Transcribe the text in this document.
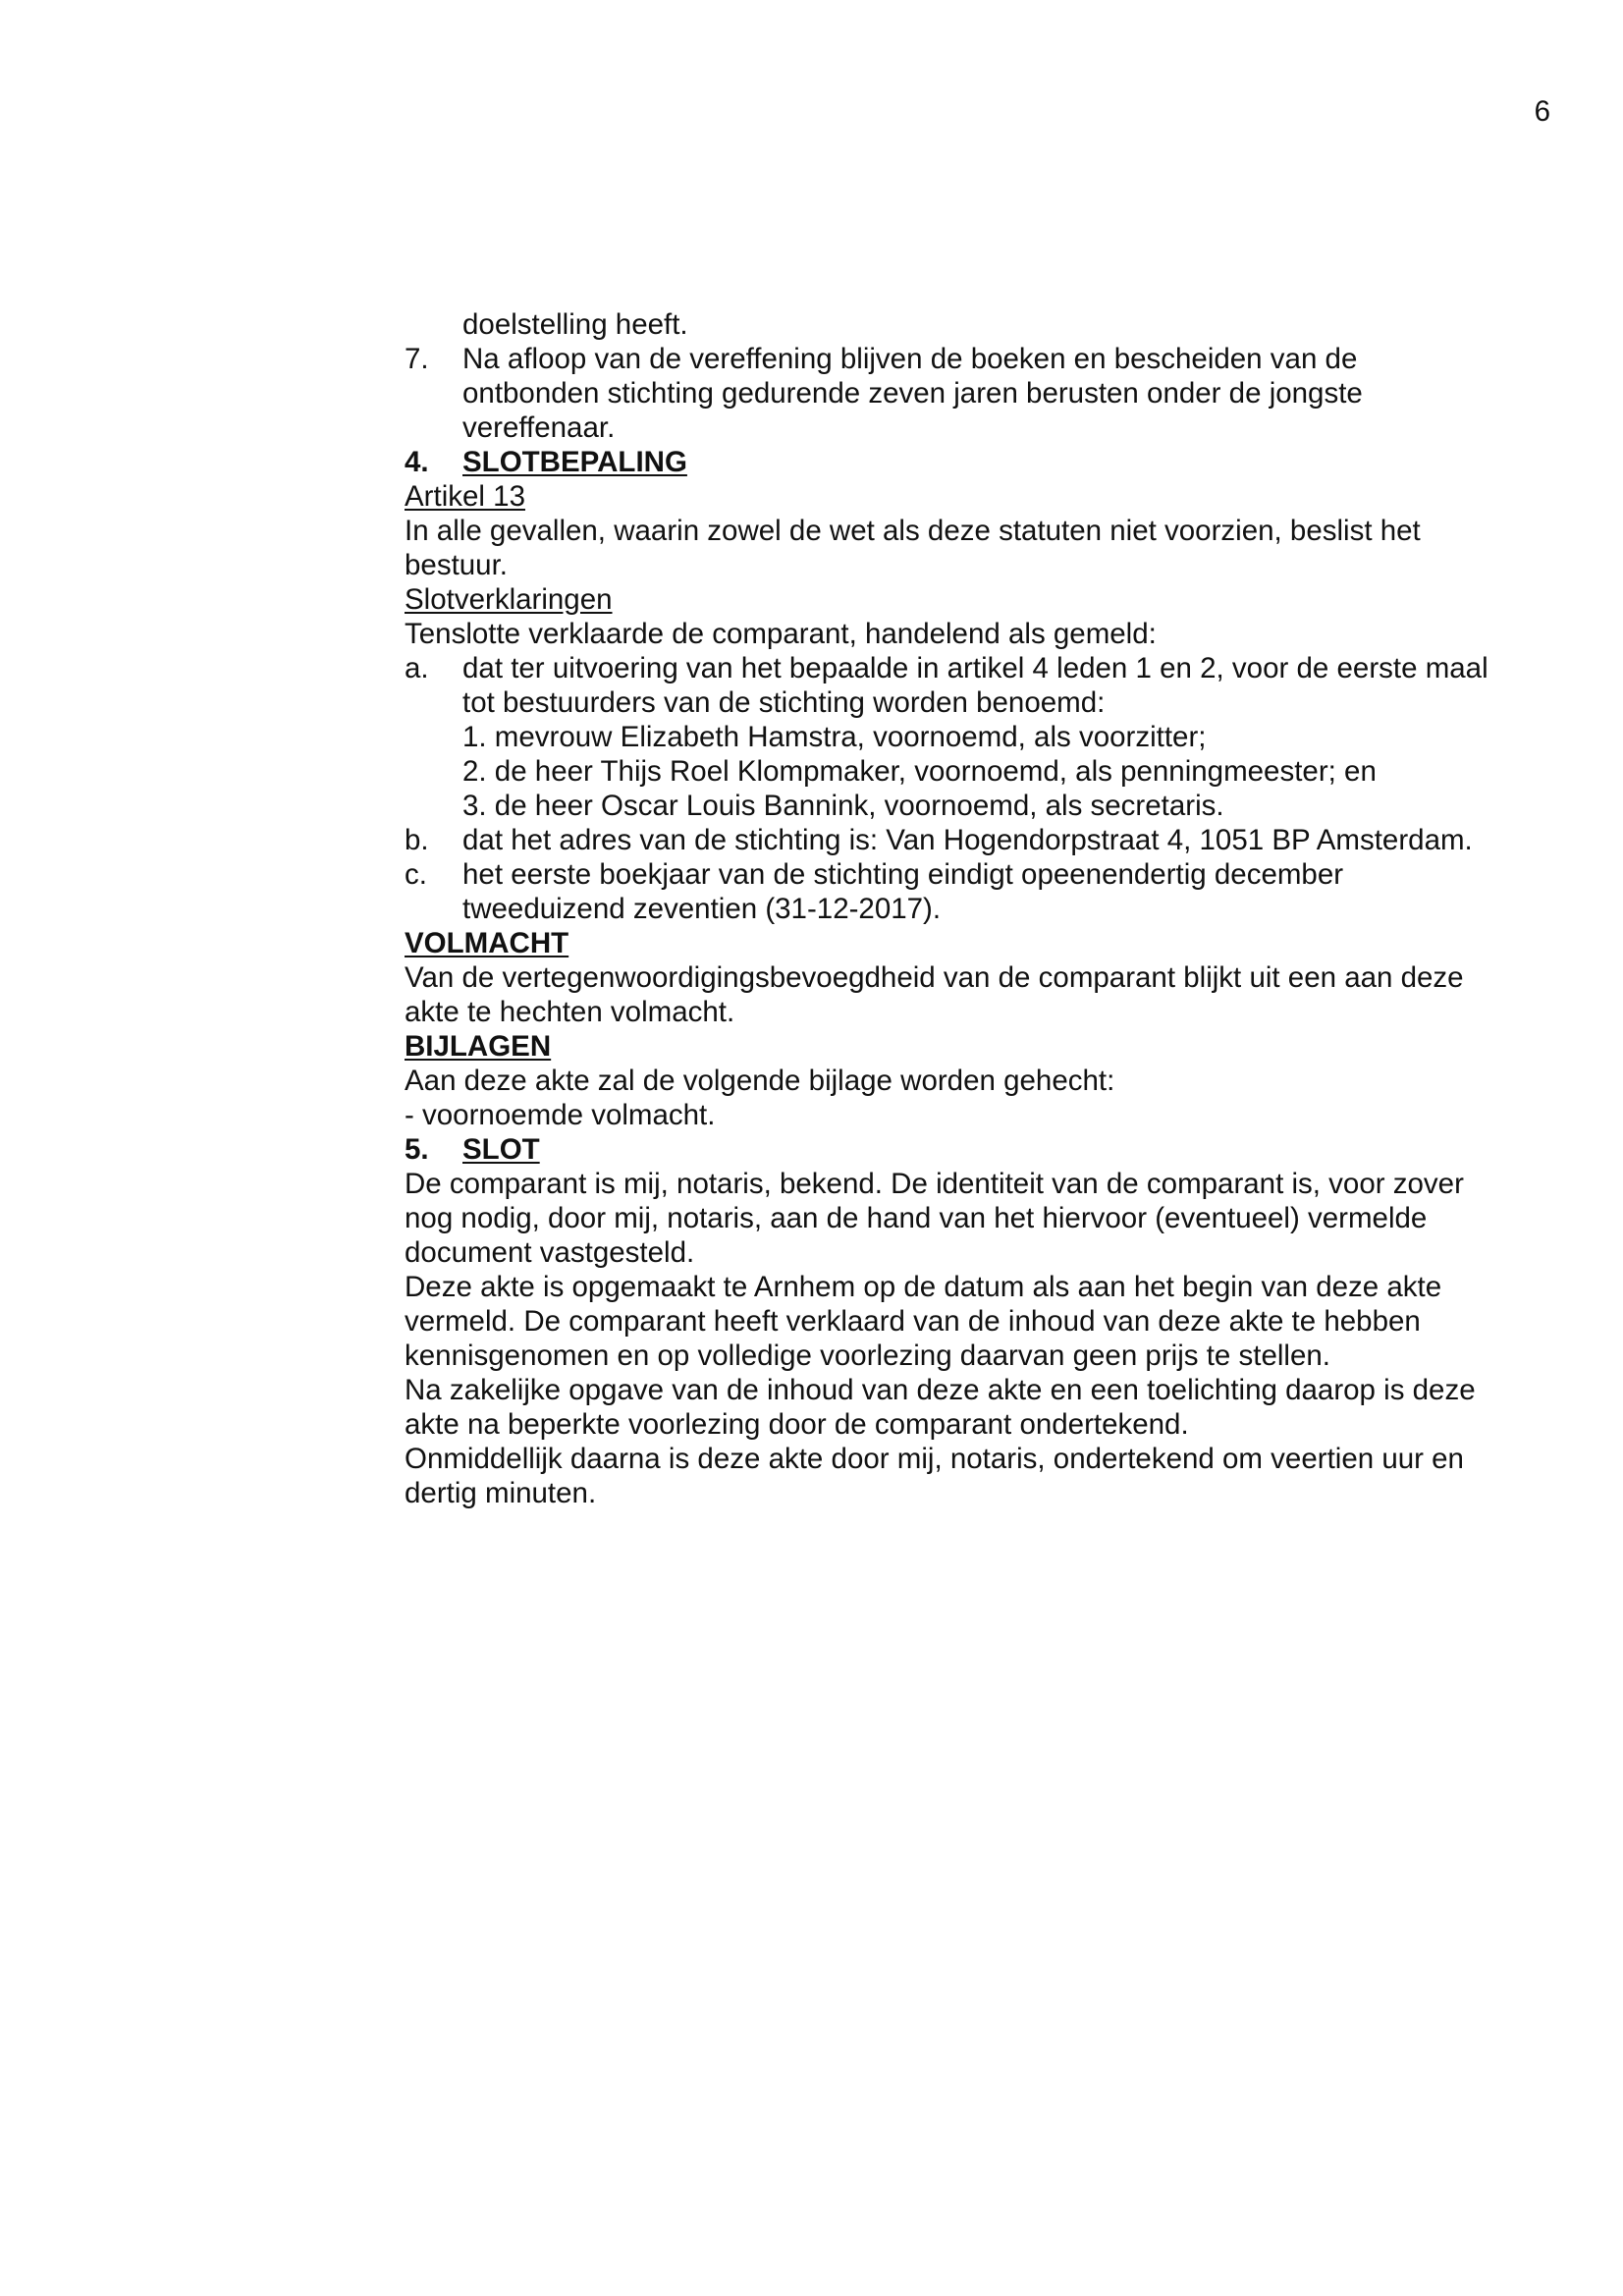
6

doelstelling heeft.

7.	Na afloop van de vereffening blijven de boeken en bescheiden van de
ontbonden stichting gedurende zeven jaren berusten onder de jongste
vereffenaar.

4. SLOTBEPALING

Artikel 13

In alle gevallen, waarin zowel de wet als deze statuten niet voorzien, beslist het

bestuur.

Slotverklaringen

Tenslotte verklaarde de comparant, handelend als gemeld:

a.	dat ter uitvoering van het bepaalde in artikel 4 leden 1 en 2, voor de eerste maal
tot bestuurders van de stichting worden benoemd:
1. mevrouw Elizabeth Hamstra, voornoemd, als voorzitter;
2. de heer Thijs Roel Klompmaker, voornoemd, als penningmeester; en
3. de heer Oscar Louis Bannink, voornoemd, als secretaris.
b.	dat het adres van de stichting is: Van Hogendorpstraat 4, 1051 BP Amsterdam.
c.	het eerste boekjaar van de stichting eindigt opeenendertig december
tweeduizend zeventien (31-12-2017).

VOLMACHT

Van de vertegenwoordigingsbevoegdheid van de comparant blijkt uit een aan deze

akte te hechten volmacht.

BIJLAGEN

Aan deze akte zal de volgende bijlage worden gehecht:

- voornoemde volmacht.

5. SLOT

De comparant is mij, notaris, bekend. De identiteit van de comparant is, voor zover

nog nodig, door mij, notaris, aan de hand van het hiervoor (eventueel) vermelde

document vastgesteld.

Deze akte is opgemaakt te Arnhem op de datum als aan het begin van deze akte

vermeld. De comparant heeft verklaard van de inhoud van deze akte te hebben

kennisgenomen en op volledige voorlezing daarvan geen prijs te stellen.

Na zakelijke opgave van de inhoud van deze akte en een toelichting daarop is deze

akte na beperkte voorlezing door de comparant ondertekend.

Onmiddellijk daarna is deze akte door mij, notaris, ondertekend om veertien uur en

dertig minuten.
